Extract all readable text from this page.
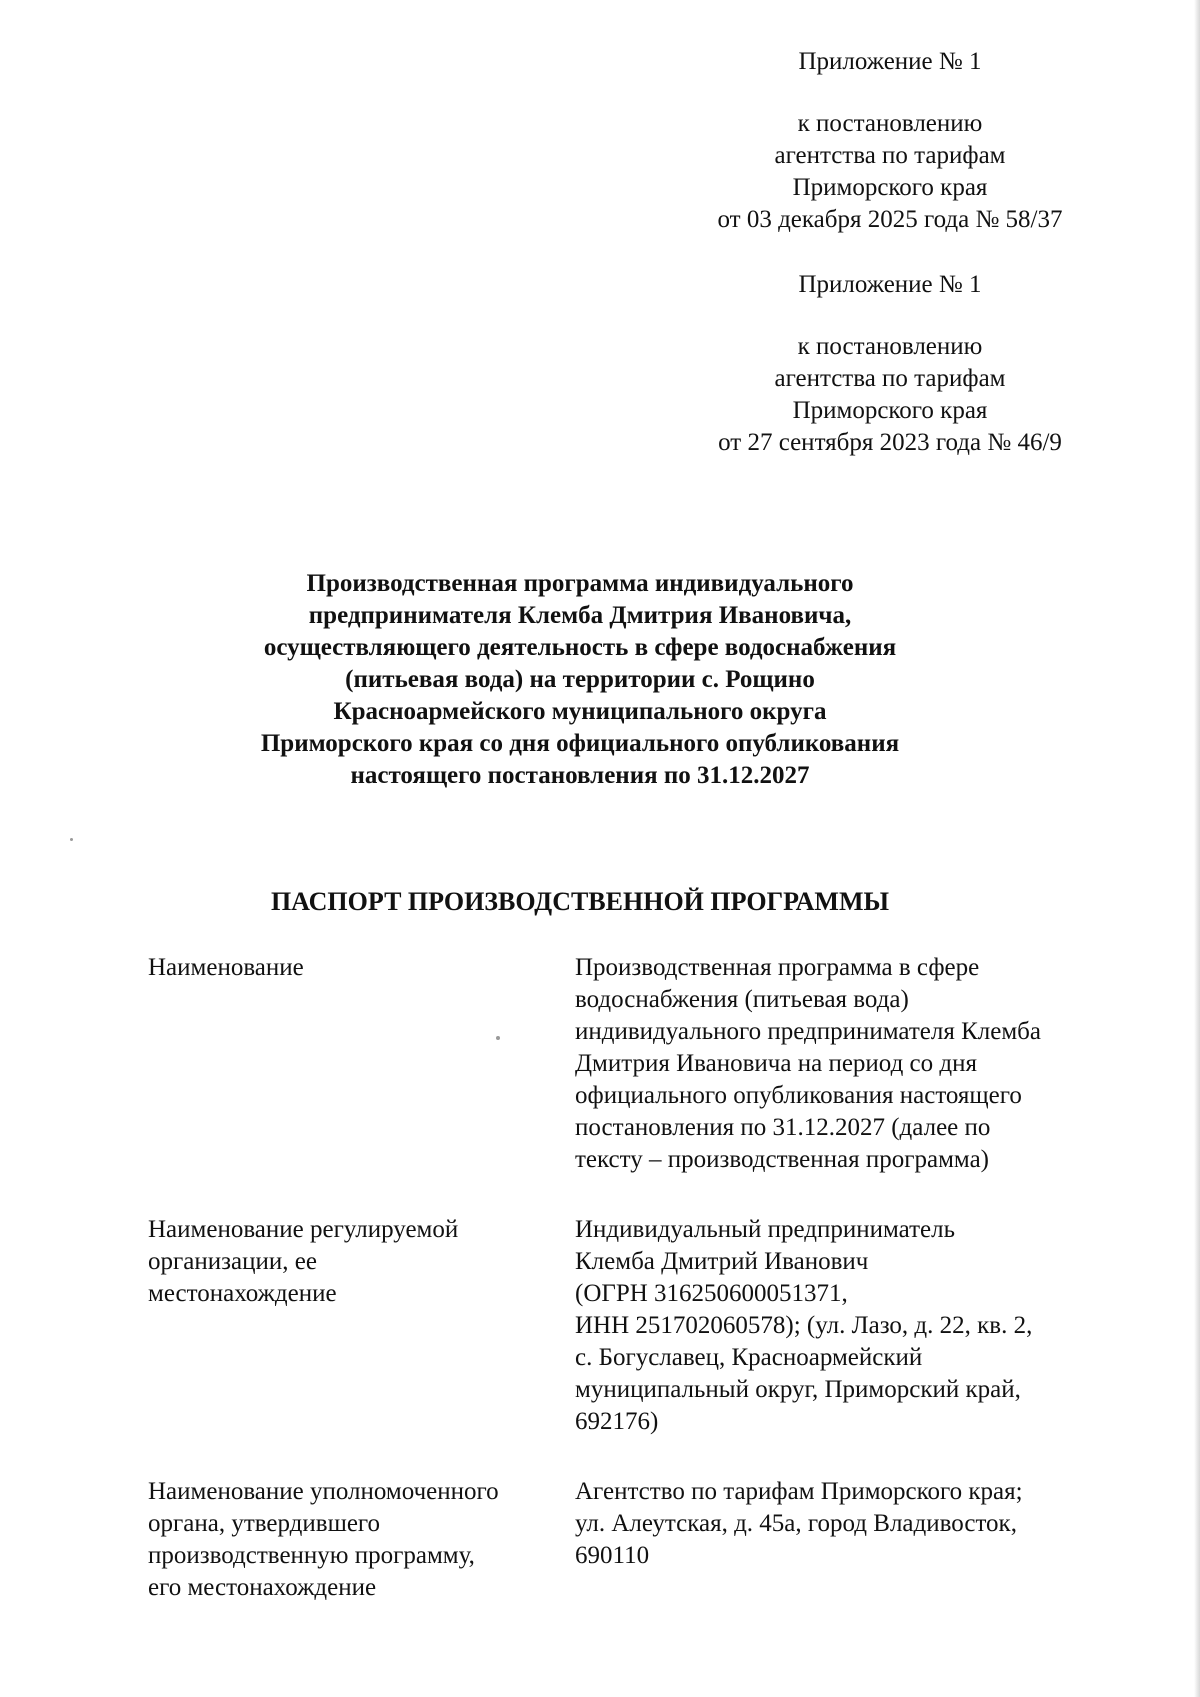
Приложение № 1
к постановлению
агентства по тарифам
Приморского края
от 03 декабря 2025 года № 58/37
Приложение № 1
к постановлению
агентства по тарифам
Приморского края
от 27 сентября 2023 года № 46/9
Производственная программа индивидуального
предпринимателя Клемба Дмитрия Ивановича,
осуществляющего деятельность в сфере водоснабжения
(питьевая вода) на территории с. Рощино
Красноармейского муниципального округа
Приморского края со дня официального опубликования
настоящего постановления по 31.12.2027
ПАСПОРТ ПРОИЗВОДСТВЕННОЙ ПРОГРАММЫ
Наименование	Производственная программа в сфере
водоснабжения (питьевая вода)
индивидуального предпринимателя Клемба
Дмитрия Ивановича на период со дня
официального опубликования настоящего
постановления по 31.12.2027 (далее по
тексту – производственная программа)
Наименование регулируемой
организации, ее
местонахождение
Индивидуальный предприниматель
Клемба Дмитрий Иванович
(ОГРН 316250600051371,
ИНН 251702060578); (ул. Лазо, д. 22, кв. 2,
с. Богуславец, Красноармейский
муниципальный округ, Приморский край,
692176)
Наименование уполномоченного
органа, утвердившего
производственную программу,
его местонахождение
Агентство по тарифам Приморского края;
ул. Алеутская, д. 45а, город Владивосток,
690110
